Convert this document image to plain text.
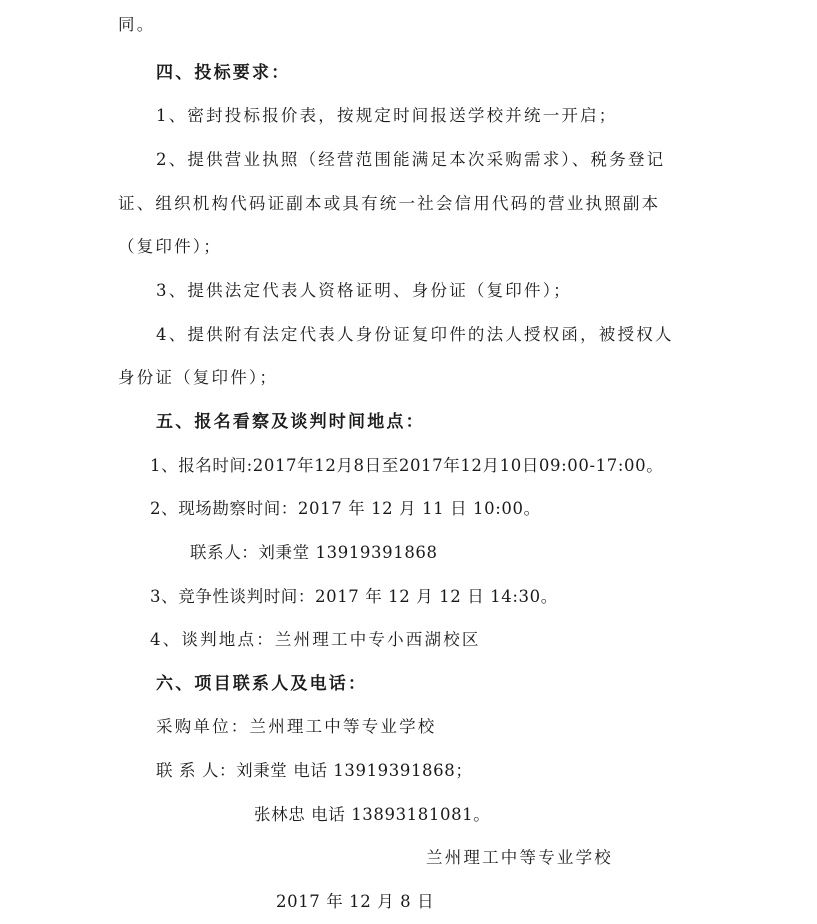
同。
四、投标要求：
1、密封投标报价表，按规定时间报送学校并统一开启；
2、提供营业执照（经营范围能满足本次采购需求）、税务登记
证、组织机构代码证副本或具有统一社会信用代码的营业执照副本
（复印件）；
3、提供法定代表人资格证明、身份证（复印件）；
4、提供附有法定代表人身份证复印件的法人授权函，被授权人
身份证（复印件）；
五、报名看察及谈判时间地点：
1、报名时间:2017年12月8日至2017年12月10日09:00-17:00。
2、现场勘察时间：2017 年 12 月 11 日 10:00。
联系人：刘秉堂 13919391868
3、竞争性谈判时间：2017 年 12 月 12 日 14:30。
4、谈判地点：兰州理工中专小西湖校区
六、项目联系人及电话：
采购单位：兰州理工中等专业学校
联 系 人：刘秉堂 电话 13919391868；
张林忠 电话 13893181081。
兰州理工中等专业学校
2017 年 12 月 8 日
